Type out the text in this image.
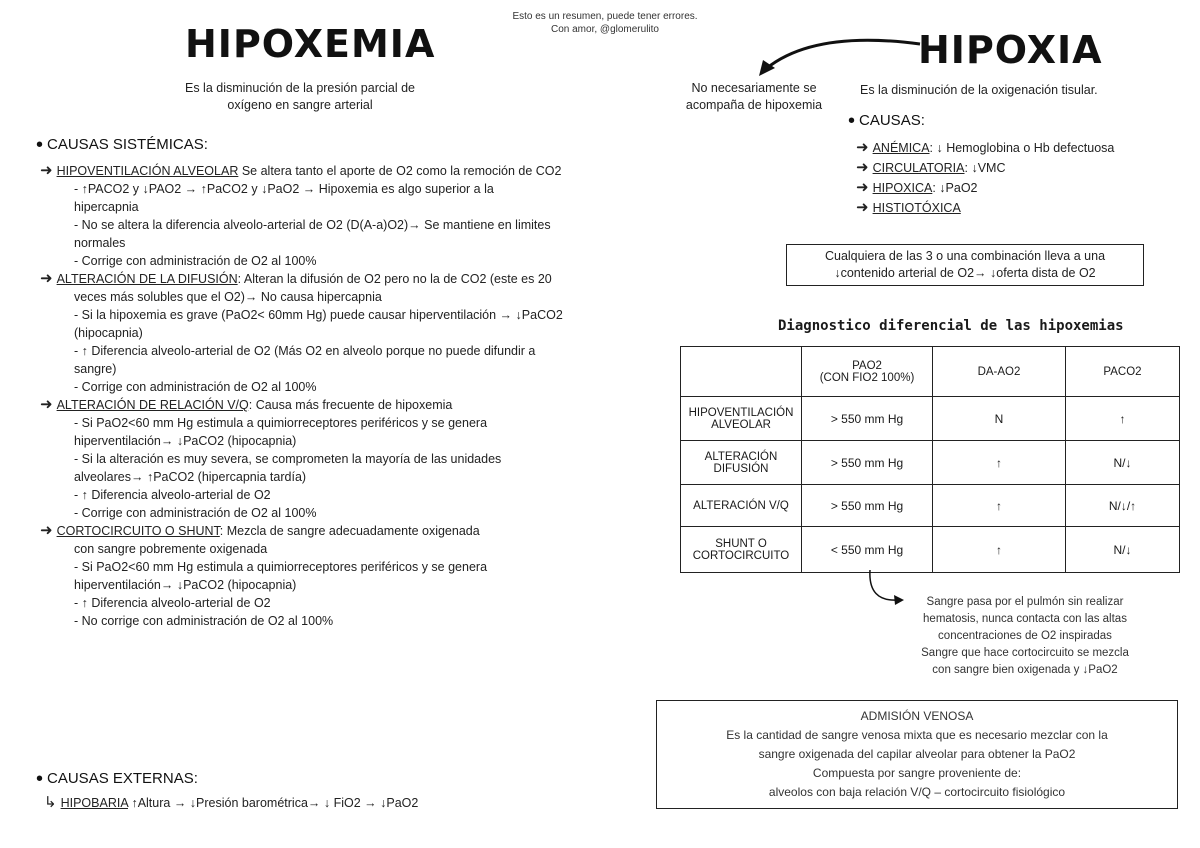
Esto es un resumen, puede tener errores.
Con amor, @glomerulito
HIPOXEMIA
Es la disminución de la presión parcial de
oxígeno en sangre arterial
• CAUSAS SISTÉMICAS:
➜ HIPOVENTILACIÓN ALVEOLAR Se altera tanto el aporte de O2 como la remoción de CO2
- ↑PACO2 y ↓PAO2 → ↑PaCO2 y ↓PaO2 → Hipoxemia es algo superior a la
hipercapnia
- No se altera la diferencia alveolo-arterial de O2 (D(A-a)O2)→ Se mantiene en limites
normales
- Corrige con administración de O2 al 100%
➜ ALTERACIÓN DE LA DIFUSIÓN: Alteran la difusión de O2 pero no la de CO2 (este es 20
veces más solubles que el O2)→ No causa hipercapnia
- Si la hipoxemia es grave (PaO2< 60mm Hg) puede causar hiperventilación → ↓PaCO2
(hipocapnia)
- ↑ Diferencia alveolo-arterial de O2 (Más O2 en alveolo porque no puede difundir a
sangre)
- Corrige con administración de O2 al 100%
➜ ALTERACIÓN DE RELACIÓN V/Q: Causa más frecuente de hipoxemia
- Si PaO2<60 mm Hg estimula a quimiorreceptores periféricos y se genera
hiperventilación→ ↓PaCO2 (hipocapnia)
- Si la alteración es muy severa, se comprometen la mayoría de las unidades
alveolares→ ↑PaCO2 (hipercapnia tardía)
- ↑ Diferencia alveolo-arterial de O2
- Corrige con administración de O2 al 100%
➜ CORTOCIRCUITO O SHUNT: Mezcla de sangre adecuadamente oxigenada
con sangre pobremente oxigenada
- Si PaO2<60 mm Hg estimula a quimiorreceptores periféricos y se genera
hiperventilación→ ↓PaCO2 (hipocapnia)
- ↑ Diferencia alveolo-arterial de O2
- No corrige con administración de O2 al 100%
• CAUSAS EXTERNAS:
↳ HIPOBARIA ↑Altura → ↓Presión barométrica→ ↓ FiO2 → ↓PaO2
HIPOXIA
No necesariamente se
acompaña de hipoxemia
Es la disminución de la oxigenación tisular.
• CAUSAS:
➜ ANÉMICA: ↓ Hemoglobina o Hb defectuosa
➜ CIRCULATORIA: ↓VMC
➜ HIPOXICA: ↓PaO2
➜ HISTIOTÓXICA
Cualquiera de las 3 o una combinación lleva a una
↓contenido arterial de O2→ ↓oferta dista de O2
Diagnostico diferencial de las hipoxemias
	PAO2
(CON FIO2 100%)	DA-AO2	PACO2
HIPOVENTILACIÓN ALVEOLAR	> 550 mm Hg	N	↑
ALTERACIÓN DIFUSIÓN	> 550 mm Hg	↑	N/↓
ALTERACIÓN V/Q	> 550 mm Hg	↑	N/↓/↑
SHUNT O CORTOCIRCUITO	< 550 mm Hg	↑	N/↓
Sangre pasa por el pulmón sin realizar
hematosis, nunca contacta con las altas
concentraciones de O2 inspiradas
Sangre que hace cortocircuito se mezcla
con sangre bien oxigenada y ↓PaO2
ADMISIÓN VENOSA
Es la cantidad de sangre venosa mixta que es necesario mezclar con la
sangre oxigenada del capilar alveolar para obtener la PaO2
Compuesta por sangre proveniente de:
alveolos con baja relación V/Q – cortocircuito fisiológico
